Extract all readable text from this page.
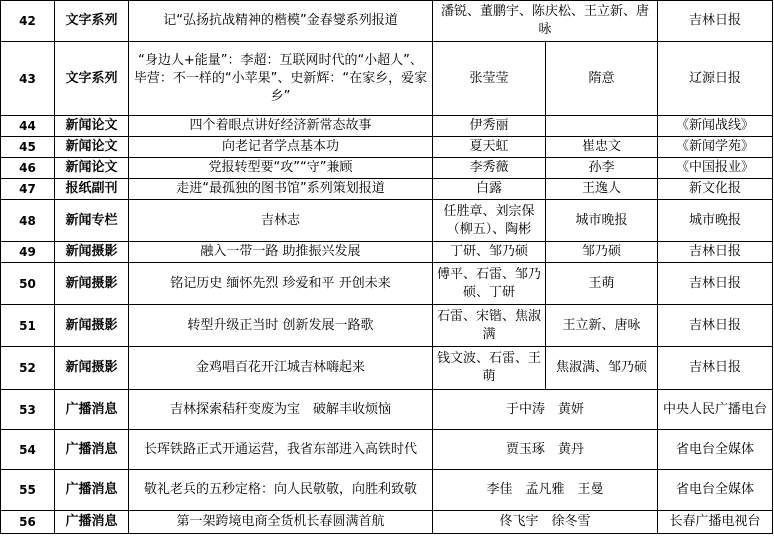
42	文字系列	记“弘扬抗战精神的楷模”金春燮系列报道	潘锐、董鹏宇、陈庆松、王立新、唐咏		吉林日报
43	文字系列	“身边人+能量”：李超：互联网时代的“小超人”、毕营：不一样的“小苹果”、史新辉：“在家乡，爱家乡”	张莹莹	隋意	辽源日报
44	新闻论文	四个着眼点讲好经济新常态故事	伊秀丽		《新闻战线》
45	新闻论文	向老记者学点基本功	夏天虹	崔忠文	《新闻学苑》
46	新闻论文	党报转型要“攻”“守”兼顾	李秀薇	孙李	《中国报业》
47	报纸副刊	走进“最孤独的图书馆”系列策划报道	白露	王逸人	新文化报
48	新闻专栏	吉林志	任胜章、刘宗保（柳五）、陶彬	城市晚报	城市晚报
49	新闻摄影	融入一带一路 助推振兴发展	丁研、邹乃硕	邹乃硕	吉林日报
50	新闻摄影	铭记历史 缅怀先烈 珍爱和平 开创未来	傅平、石雷、邹乃硕、丁研	王萌	吉林日报
51	新闻摄影	转型升级正当时 创新发展一路歌	石雷、宋锴、焦淑满	王立新、唐咏	吉林日报
52	新闻摄影	金鸡唱百花开江城吉林嗨起来	钱文波、石雷、王萌	焦淑满、邹乃硕	吉林日报
53	广播消息	吉林探索秸秆变废为宝　破解丰收烦恼	于中涛　黄妍		中央人民广播电台
54	广播消息	长珲铁路正式开通运营，我省东部进入高铁时代	贾玉琢　黄丹		省电台全媒体
55	广播消息	敬礼老兵的五秒定格：向人民敬敬，向胜利致敬	李佳　孟凡雅　王曼		省电台全媒体
56	广播消息	第一架跨境电商全货机长春圆满首航	佟飞宇　徐冬雪		长春广播电视台
